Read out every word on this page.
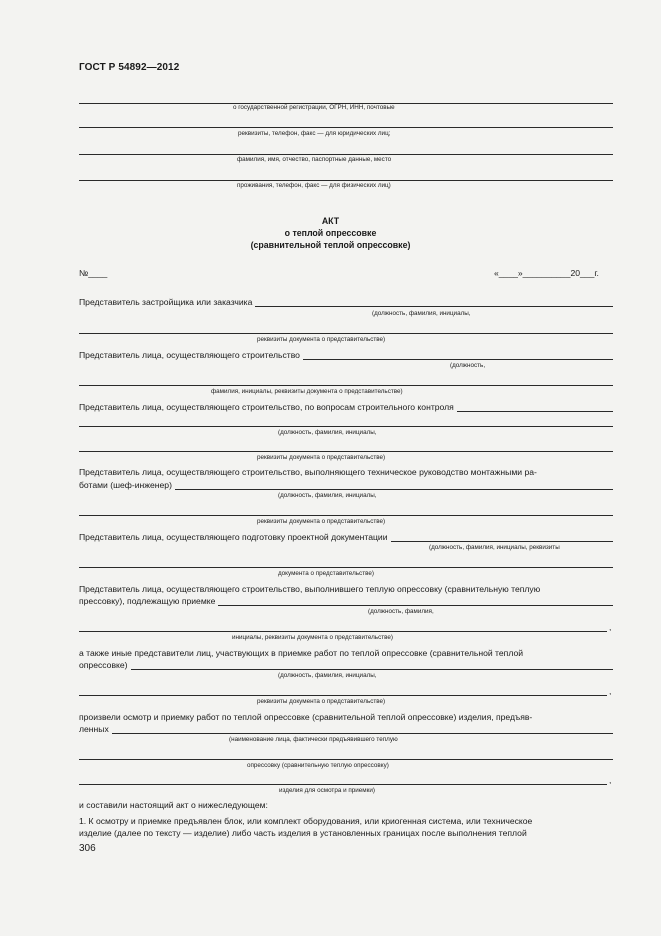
ГОСТ Р 54892—2012
о государственной регистрации, ОГРН, ИНН, почтовые
реквизиты, телефон, факс — для юридических лиц;
фамилия, имя, отчество, паспортные данные, место
проживания, телефон, факс — для физических лиц)
АКТ
о теплой опрессовке
(сравнительной теплой опрессовке)
№____	«____»__________20___г.
Представитель застройщика или заказчика
(должность, фамилия, инициалы,
реквизиты документа о представительстве)
Представитель лица, осуществляющего строительство
(должность,
фамилия, инициалы, реквизиты документа о представительстве)
Представитель лица, осуществляющего строительство, по вопросам строительного контроля
(должность, фамилия, инициалы,
реквизиты документа о представительстве)
Представитель лица, осуществляющего строительство, выполняющего техническое руководство монтажными ра-
ботами (шеф-инженер)
(должность, фамилия, инициалы,
реквизиты документа о представительстве)
Представитель лица, осуществляющего подготовку проектной документации
(должность, фамилия, инициалы, реквизиты
документа о представительстве)
Представитель лица, осуществляющего строительство, выполнившего теплую опрессовку (сравнительную теплую
прессовку), подлежащую приемке
(должность, фамилия,
,
инициалы, реквизиты документа о представительстве)
а также иные представители лиц, участвующих в приемке работ по теплой опрессовке (сравнительной теплой
опрессовке)
(должность, фамилия, инициалы,
,
реквизиты документа о представительстве)
произвели осмотр и приемку работ по теплой опрессовке (сравнительной теплой опрессовке) изделия, предъяв-
ленных
(наименование лица, фактически предъявившего теплую
опрессовку (сравнительную теплую опрессовку)
,
изделия для осмотра и приемки)
и составили настоящий акт о нижеследующем:
1. К осмотру и приемке предъявлен блок, или комплект оборудования, или криогенная система, или техническое
изделие (далее по тексту — изделие) либо часть изделия в установленных границах после выполнения теплой
306
